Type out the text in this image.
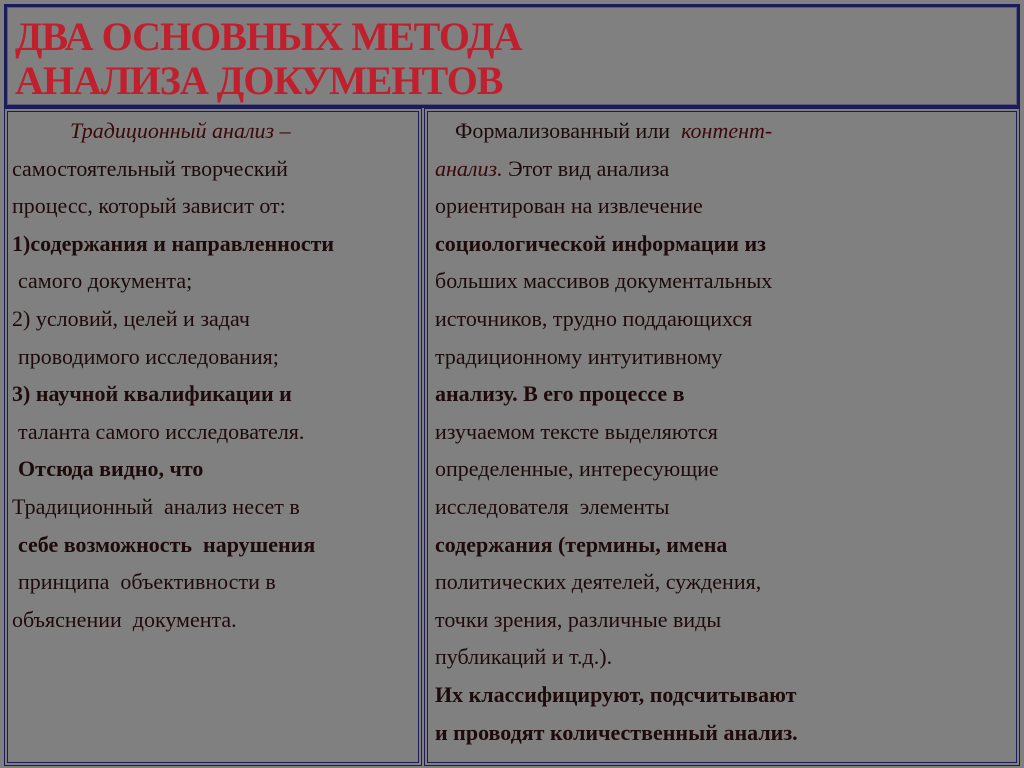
ДВА ОСНОВНЫХ МЕТОДА
АНАЛИЗА ДОКУМЕНТОВ
Традиционный анализ –
самостоятельный творческий
процесс, который зависит от:
1)содержания и направленности
самого документа;
2) условий, целей и задач
проводимого исследования;
3) научной квалификации и
таланта самого исследователя.
Отсюда видно, что
Традиционный  анализ несет в
себе возможность  нарушения
принципа  объективности в
объяснении  документа.
Формализованный или  контент-
анализ. Этот вид анализа
ориентирован на извлечение
социологической информации из
больших массивов документальных
источников, трудно поддающихся
традиционному интуитивному
анализу. В его процессе в
изучаемом тексте выделяются
определенные, интересующие
исследователя  элементы
содержания (термины, имена
политических деятелей, суждения,
точки зрения, различные виды
публикаций и т.д.).
Их классифицируют, подсчитывают
и проводят количественный анализ.
